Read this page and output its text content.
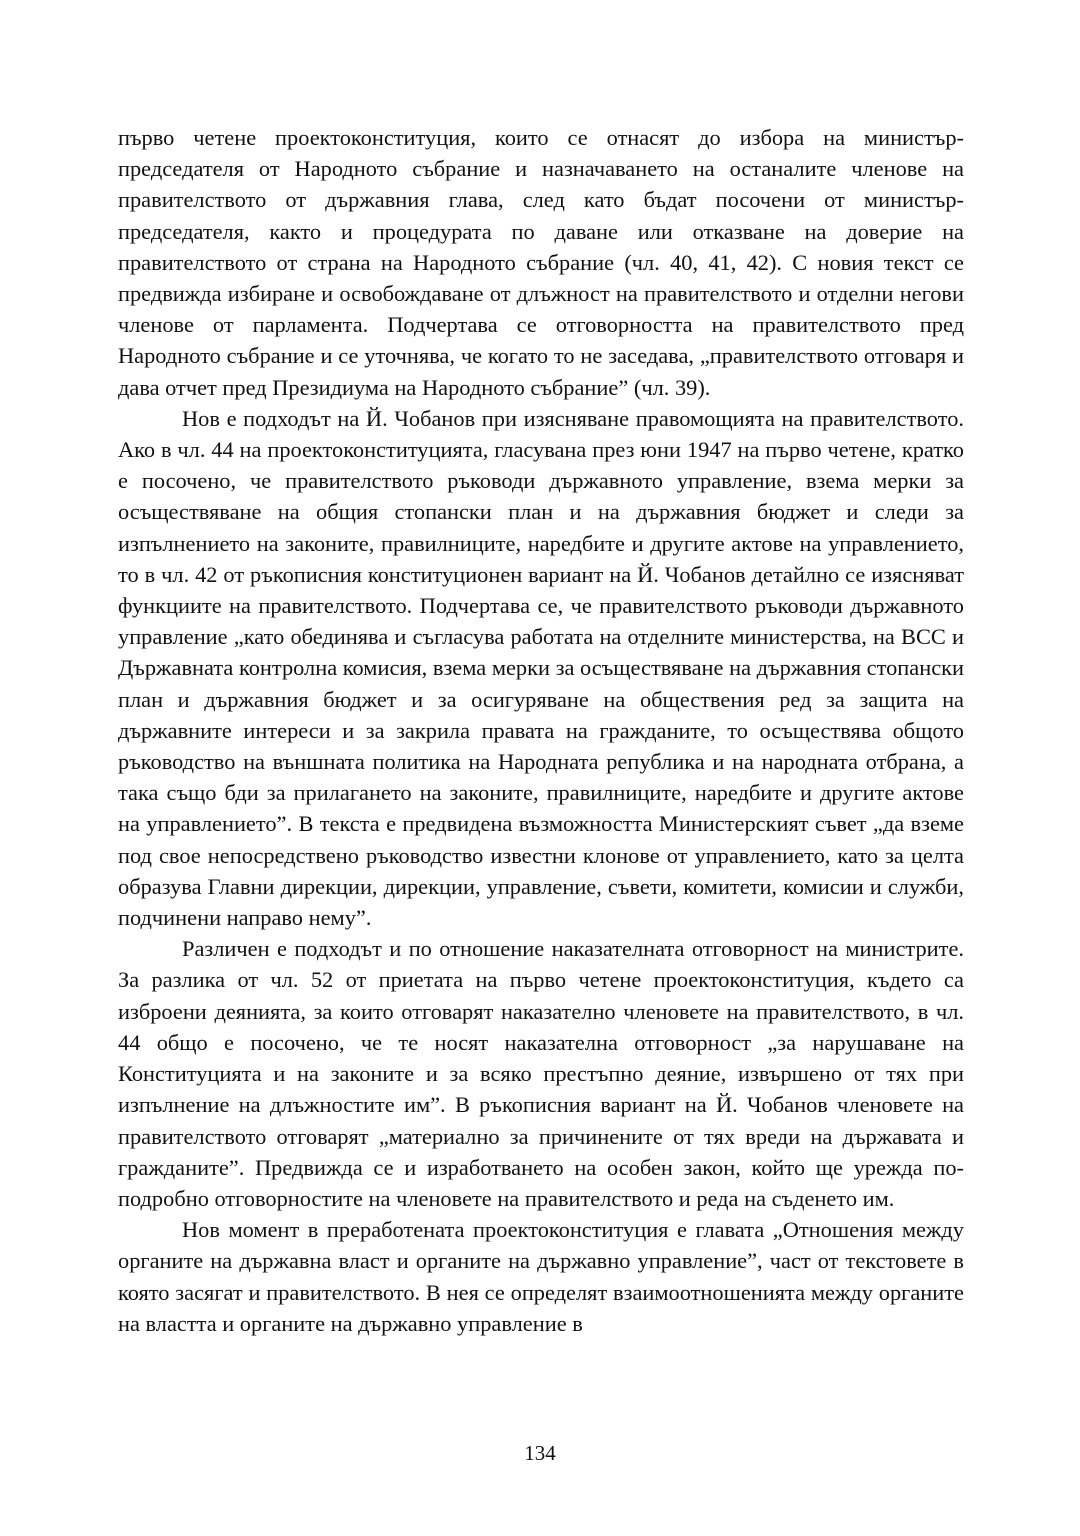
първо четене проектоконституция, които се отнасят до избора на министър-председателя от Народното събрание и назначаването на останалите членове на правителството от държавния глава, след като бъдат посочени от министър-председателя, както и процедурата по даване или отказване на доверие на правителството от страна на Народното събрание (чл. 40, 41, 42). С новия текст се предвижда избиране и освобождаване от длъжност на правителството и отделни негови членове от парламента. Подчертава се отговорността на правителството пред Народното събрание и се уточнява, че когато то не заседава, „правителството отговаря и дава отчет пред Президиума на Народното събрание” (чл. 39).

Нов е подходът на Й. Чобанов при изясняване правомощията на правителството. Ако в чл. 44 на проектоконституцията, гласувана през юни 1947 на първо четене, кратко е посочено, че правителството ръководи държавното управление, взема мерки за осъществяване на общия стопански план и на държавния бюджет и следи за изпълнението на законите, правилниците, наредбите и другите актове на управлението, то в чл. 42 от ръкописния конституционен вариант на Й. Чобанов детайлно се изясняват функциите на правителството. Подчертава се, че правителството ръководи държавното управление „като обединява и съгласува работата на отделните министерства, на ВСС и Държавната контролна комисия, взема мерки за осъществяване на държавния стопански план и държавния бюджет и за осигуряване на обществения ред за защита на държавните интереси и за закрила правата на гражданите, то осъществява общото ръководство на външната политика на Народната република и на народната отбрана, а така също бди за прилагането на законите, правилниците, наредбите и другите актове на управлението”. В текста е предвидена възможността Министерският съвет „да вземе под свое непосредствено ръководство известни клонове от управлението, като за целта образува Главни дирекции, дирекции, управление, съвети, комитети, комисии и служби, подчинени направо нему”.

Различен е подходът и по отношение наказателната отговорност на министрите. За разлика от чл. 52 от приетата на първо четене проектоконституция, където са изброени деянията, за които отговарят наказателно членовете на правителството, в чл. 44 общо е посочено, че те носят наказателна отговорност „за нарушаване на Конституцията и на законите и за всяко престъпно деяние, извършено от тях при изпълнение на длъжностите им”. В ръкописния вариант на Й. Чобанов членовете на правителството отговарят „материално за причинените от тях вреди на държавата и гражданите”. Предвижда се и изработването на особен закон, който ще урежда по-подробно отговорностите на членовете на правителството и реда на съденето им.

Нов момент в преработената проектоконституция е главата „Отношения между органите на държавна власт и органите на държавно управление”, част от текстовете в която засягат и правителството. В нея се определят взаимоотношенията между органите на властта и органите на държавно управление в

134
